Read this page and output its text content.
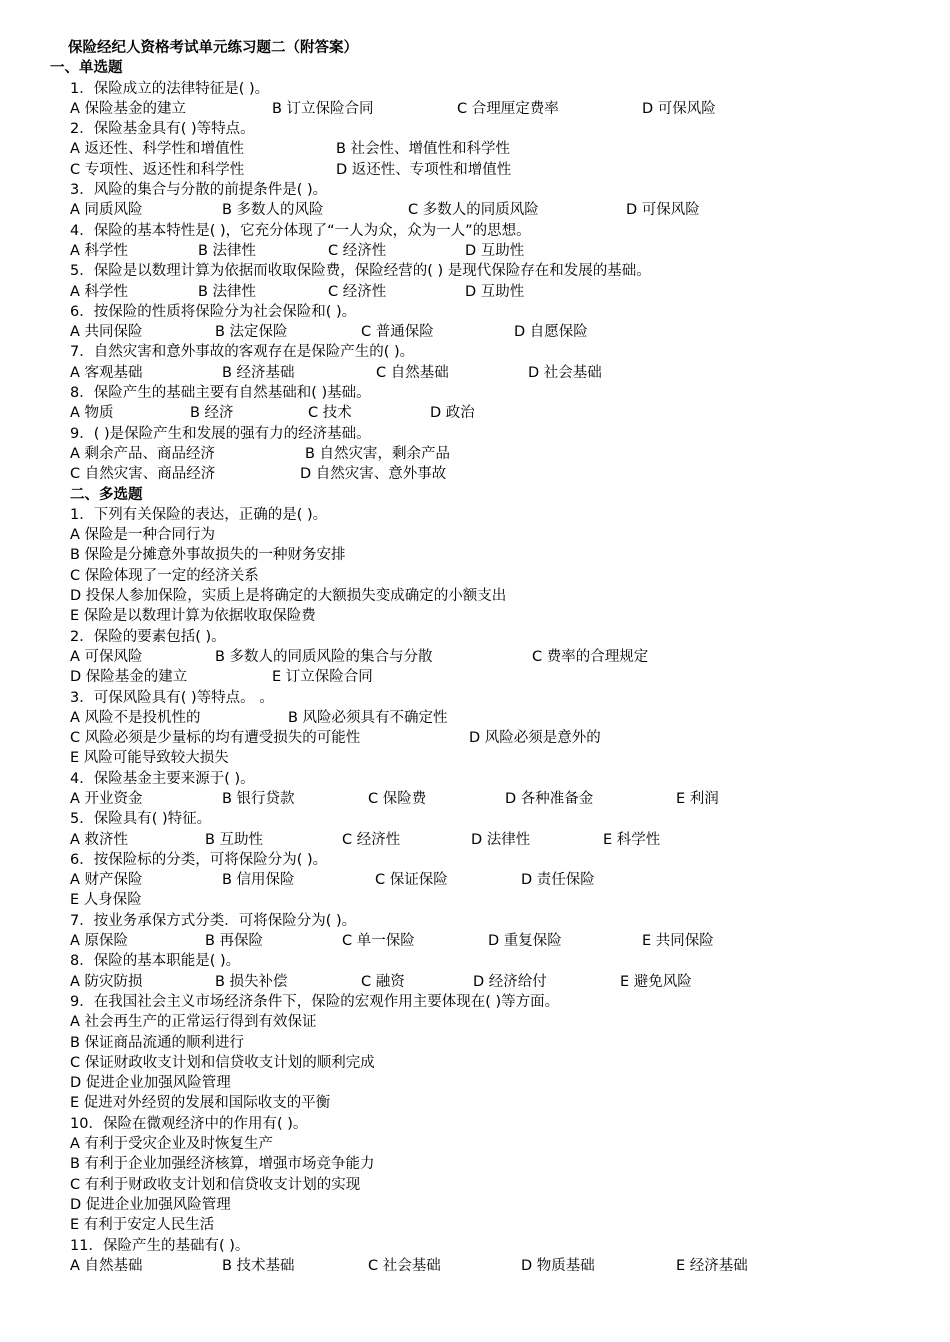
保险经纪人资格考试单元练习题二（附答案）
一、单选题
1．保险成立的法律特征是( )。
A 保险基金的建立	B 订立保险合同	C 合理厘定费率	D 可保风险
2．保险基金具有( )等特点。
A 返还性、科学性和增值性	B 社会性、增值性和科学性
C 专项性、返还性和科学性	D 返还性、专项性和增值性
3．风险的集合与分散的前提条件是( )。
A 同质风险	B 多数人的风险	C 多数人的同质风险	D 可保风险
4．保险的基本特性是( )，它充分体现了“一人为众，众为一人”的思想。
A 科学性	B 法律性	C 经济性	D 互助性
5．保险是以数理计算为依据而收取保险费，保险经营的( ) 是现代保险存在和发展的基础。
A 科学性	B 法律性	C 经济性	D 互助性
6．按保险的性质将保险分为社会保险和( )。
A 共同保险	B 法定保险	C 普通保险	D 自愿保险
7．自然灾害和意外事故的客观存在是保险产生的( )。
A 客观基础	B 经济基础	C 自然基础	D 社会基础
8．保险产生的基础主要有自然基础和( )基础。
A 物质	B 经济	C 技术	D 政治
9．( )是保险产生和发展的强有力的经济基础。
A 剩余产品、商品经济	B 自然灾害，剩余产品
C 自然灾害、商品经济	D 自然灾害、意外事故
二、多选题
1．下列有关保险的表达，正确的是( )。
A 保险是一种合同行为
B 保险是分摊意外事故损失的一种财务安排
C 保险体现了一定的经济关系
D 投保人参加保险，实质上是将确定的大额损失变成确定的小额支出
E 保险是以数理计算为依据收取保险费
2．保险的要素包括( )。
A 可保风险	B 多数人的同质风险的集合与分散	C 费率的合理规定
D 保险基金的建立	E 订立保险合同
3．可保风险具有( )等特点。 。
A 风险不是投机性的	B 风险必须具有不确定性
C 风险必须是少量标的均有遭受损失的可能性	D 风险必须是意外的
E 风险可能导致较大损失
4．保险基金主要来源于( )。
A 开业资金	B 银行贷款	C 保险费	D 各种准备金	E 利润
5．保险具有( )特征。
A 救济性	B 互助性	C 经济性	D 法律性	E 科学性
6．按保险标的分类，可将保险分为( )。
A 财产保险	B 信用保险	C 保证保险	D 责任保险
E 人身保险
7．按业务承保方式分类．可将保险分为( )。
A 原保险	B 再保险	C 单一保险	D 重复保险	E 共同保险
8．保险的基本职能是( )。
A 防灾防损	B 损失补偿	C 融资	D 经济给付	E 避免风险
9．在我国社会主义市场经济条件下，保险的宏观作用主要体现在( )等方面。
A 社会再生产的正常运行得到有效保证
B 保证商品流通的顺利进行
C 保证财政收支计划和信贷收支计划的顺利完成
D 促进企业加强风险管理
E 促进对外经贸的发展和国际收支的平衡
10．保险在微观经济中的作用有( )。
A 有利于受灾企业及时恢复生产
B 有利于企业加强经济核算，增强市场竞争能力
C 有利于财政收支计划和信贷收支计划的实现
D 促进企业加强风险管理
E 有利于安定人民生活
11．保险产生的基础有( )。
A 自然基础	B 技术基础	C 社会基础	D 物质基础	E 经济基础
